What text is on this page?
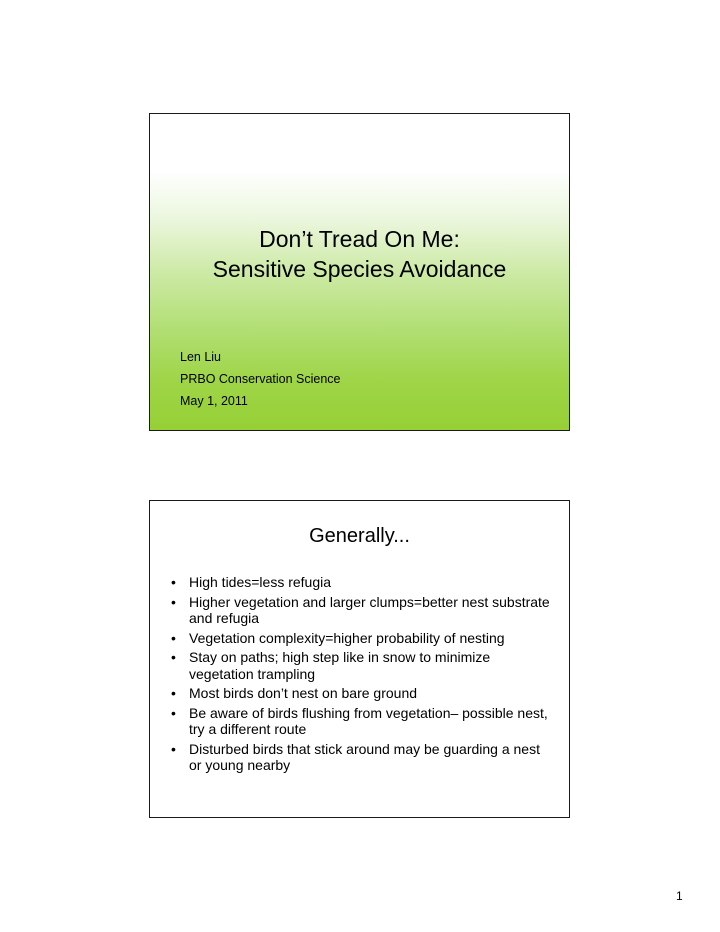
Don’t Tread On Me:
Sensitive Species Avoidance
Len Liu
PRBO Conservation Science
May 1, 2011
Generally...
• High tides=less refugia
• Higher vegetation and larger clumps=better nest substrate and refugia
• Vegetation complexity=higher probability of nesting
• Stay on paths; high step like in snow to minimize vegetation trampling
• Most birds don’t nest on bare ground
• Be aware of birds flushing from vegetation– possible nest, try a different route
• Disturbed birds that stick around may be guarding a nest or young nearby
1
